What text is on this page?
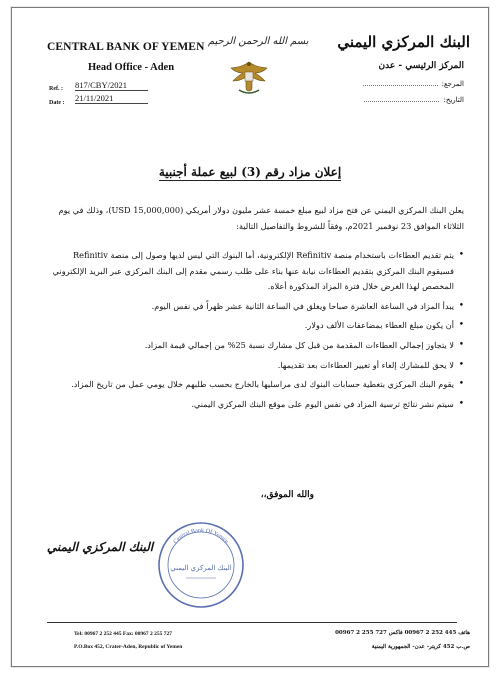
CENTRAL BANK OF YEMEN
Head Office - Aden
Ref. : 817/CBY/2021
Date : 21/11/2021
بسم الله الرحمن الرحيم البنك المركزي اليمني
المركز الرئيسي - عدن
المرجع:
التاريخ:
إعلان مزاد رقم (3) لبيع عملة أجنبية
يعلن البنك المركزي اليمني عن فتح مزاد لبيع مبلغ خمسة عشر مليون دولار أمريكي (15,000,000 USD)، وذلك في يوم الثلاثاء الموافق 23 نوفمبر 2021م، وفقاً للشروط والتفاصيل التالية:
• يتم تقديم العطاءات باستخدام منصة Refinitiv الإلكترونية، أما البنوك التي ليس لديها وصول إلى منصة Refinitiv فسيقوم البنك المركزي بتقديم العطاءات نيابة عنها بناء على طلب رسمي مقدم إلى البنك المركزي عبر البريد الإلكتروني المخصص لهذا الغرض خلال فترة المزاد المذكورة أعلاه.
• يبدأ المزاد في الساعة العاشرة صباحا ويغلق في الساعة الثانية عشر ظهراً في نفس اليوم.
• أن يكون مبلغ العطاء بمضاعفات الألف دولار.
• لا يتجاوز إجمالي العطاءات المقدمة من قبل كل مشارك نسبة 25% من إجمالي قيمة المزاد.
• لا يحق للمشارك إلغاء أو تغيير العطاءات بعد تقديمها.
• يقوم البنك المركزي بتغطية حسابات البنوك لدى مراسليها بالخارج بحسب طلبهم خلال يومي عمل من تاريخ المزاد.
• سيتم نشر نتائج ترسية المزاد في نفس اليوم على موقع البنك المركزي اليمني.
والله الموفق،،
Central Bank Of Yemen
البنك المركزي اليمني
البنك المركزي اليمني
Tel: 00967 2 252 445 Fax: 00967 2 255 727
P.O.Box 452, Crater-Aden, Republic of Yemen
هاتف 445 252 2 00967 فاكس 727 255 2 00967
ص.ب 452 كريتر- عدن- الجمهورية اليمنية
